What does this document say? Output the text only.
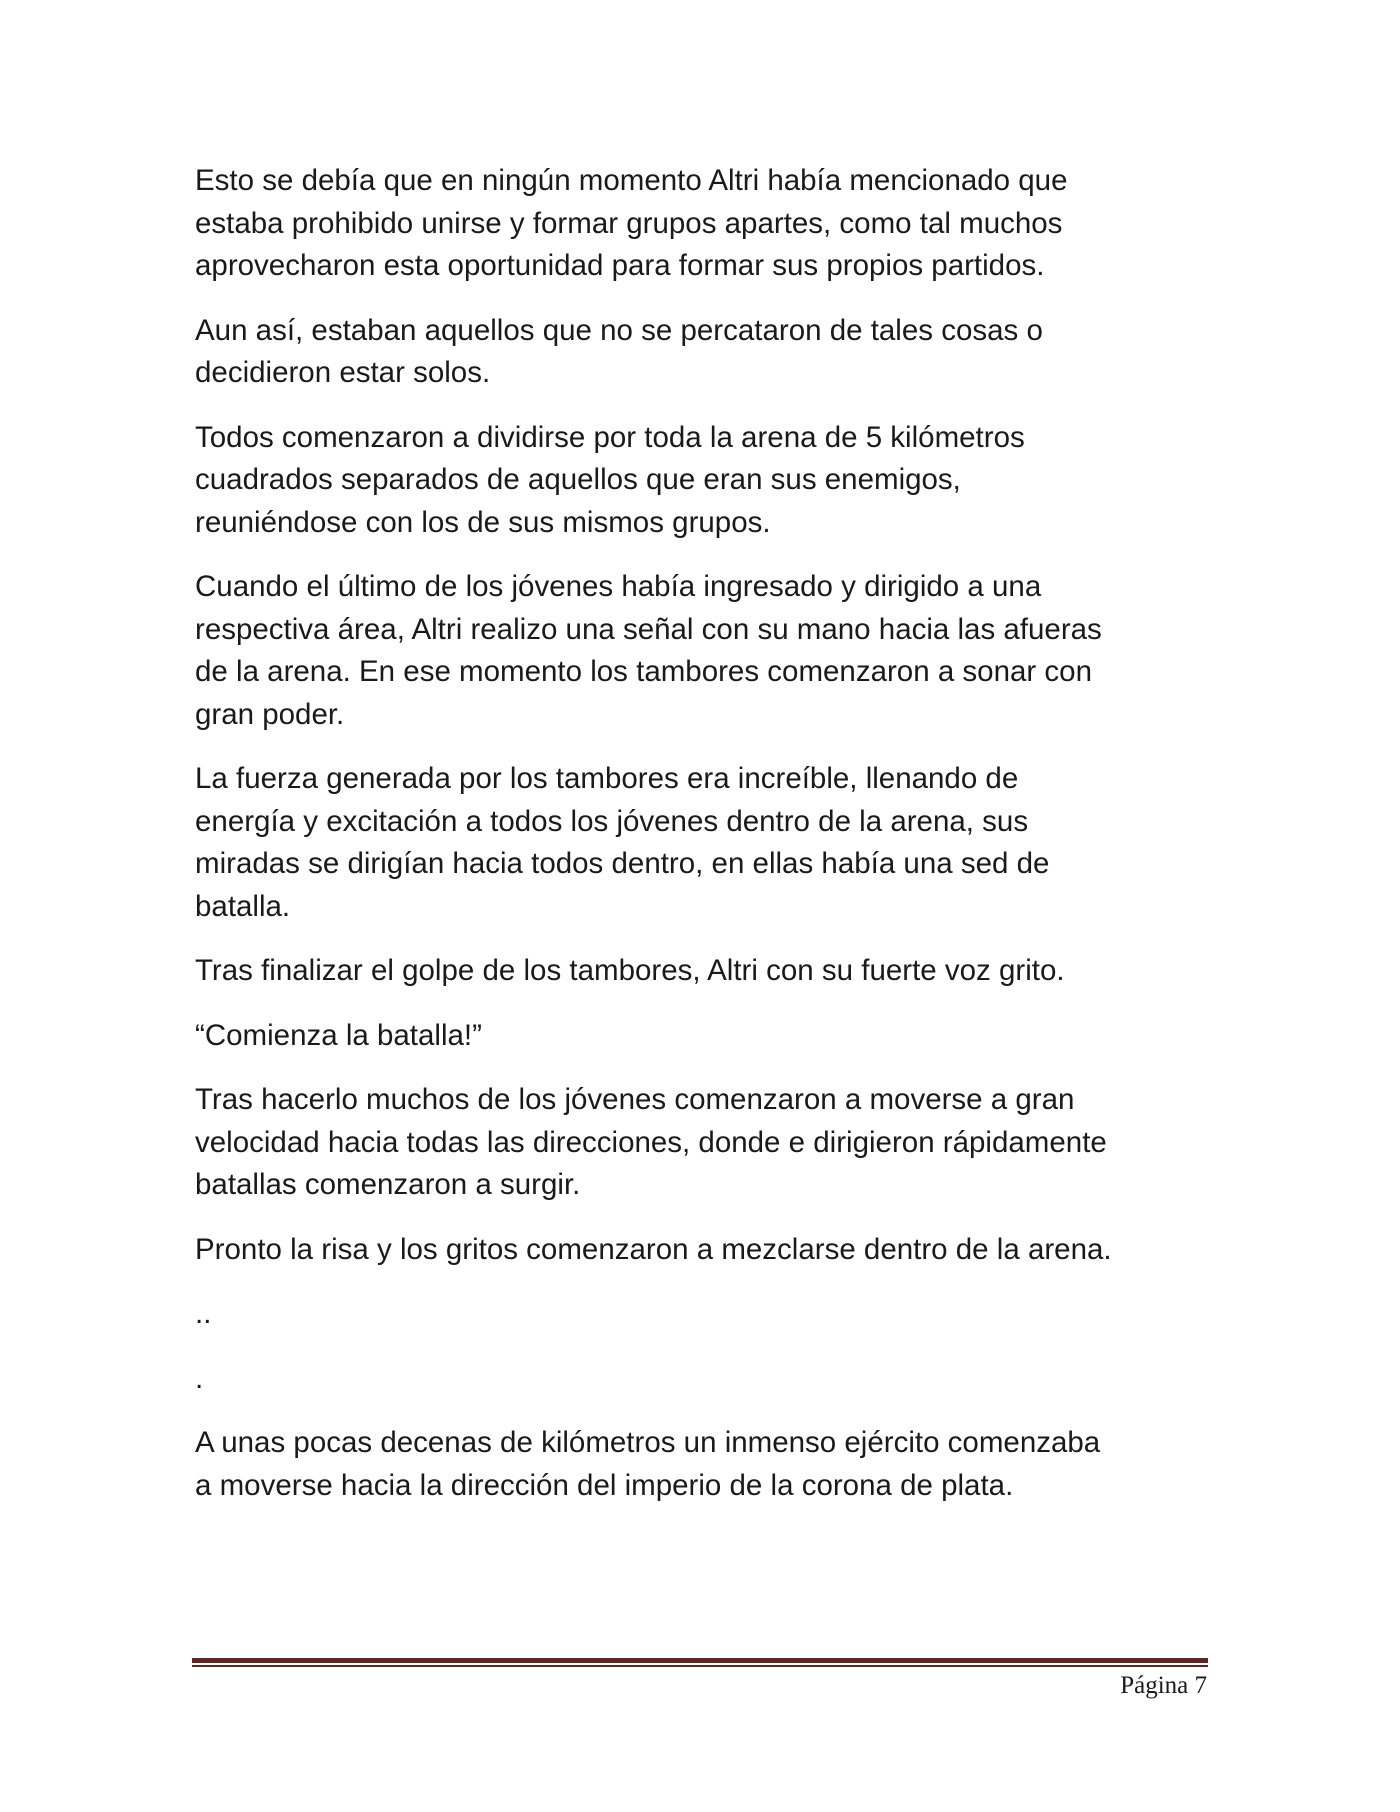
Esto se debía que en ningún momento Altri había mencionado que
estaba prohibido unirse y formar grupos apartes, como tal muchos
aprovecharon esta oportunidad para formar sus propios partidos.

Aun así, estaban aquellos que no se percataron de tales cosas o
decidieron estar solos.

Todos comenzaron a dividirse por toda la arena de 5 kilómetros
cuadrados separados de aquellos que eran sus enemigos,
reuniéndose con los de sus mismos grupos.

Cuando el último de los jóvenes había ingresado y dirigido a una
respectiva área, Altri realizo una señal con su mano hacia las afueras
de la arena. En ese momento los tambores comenzaron a sonar con
gran poder.

La fuerza generada por los tambores era increíble, llenando de
energía y excitación a todos los jóvenes dentro de la arena, sus
miradas se dirigían hacia todos dentro, en ellas había una sed de
batalla.

Tras finalizar el golpe de los tambores, Altri con su fuerte voz grito.

“Comienza la batalla!”

Tras hacerlo muchos de los jóvenes comenzaron a moverse a gran
velocidad hacia todas las direcciones, donde e dirigieron rápidamente
batallas comenzaron a surgir.

Pronto la risa y los gritos comenzaron a mezclarse dentro de la arena.

..

.

A unas pocas decenas de kilómetros un inmenso ejército comenzaba
a moverse hacia la dirección del imperio de la corona de plata.

Página 7
